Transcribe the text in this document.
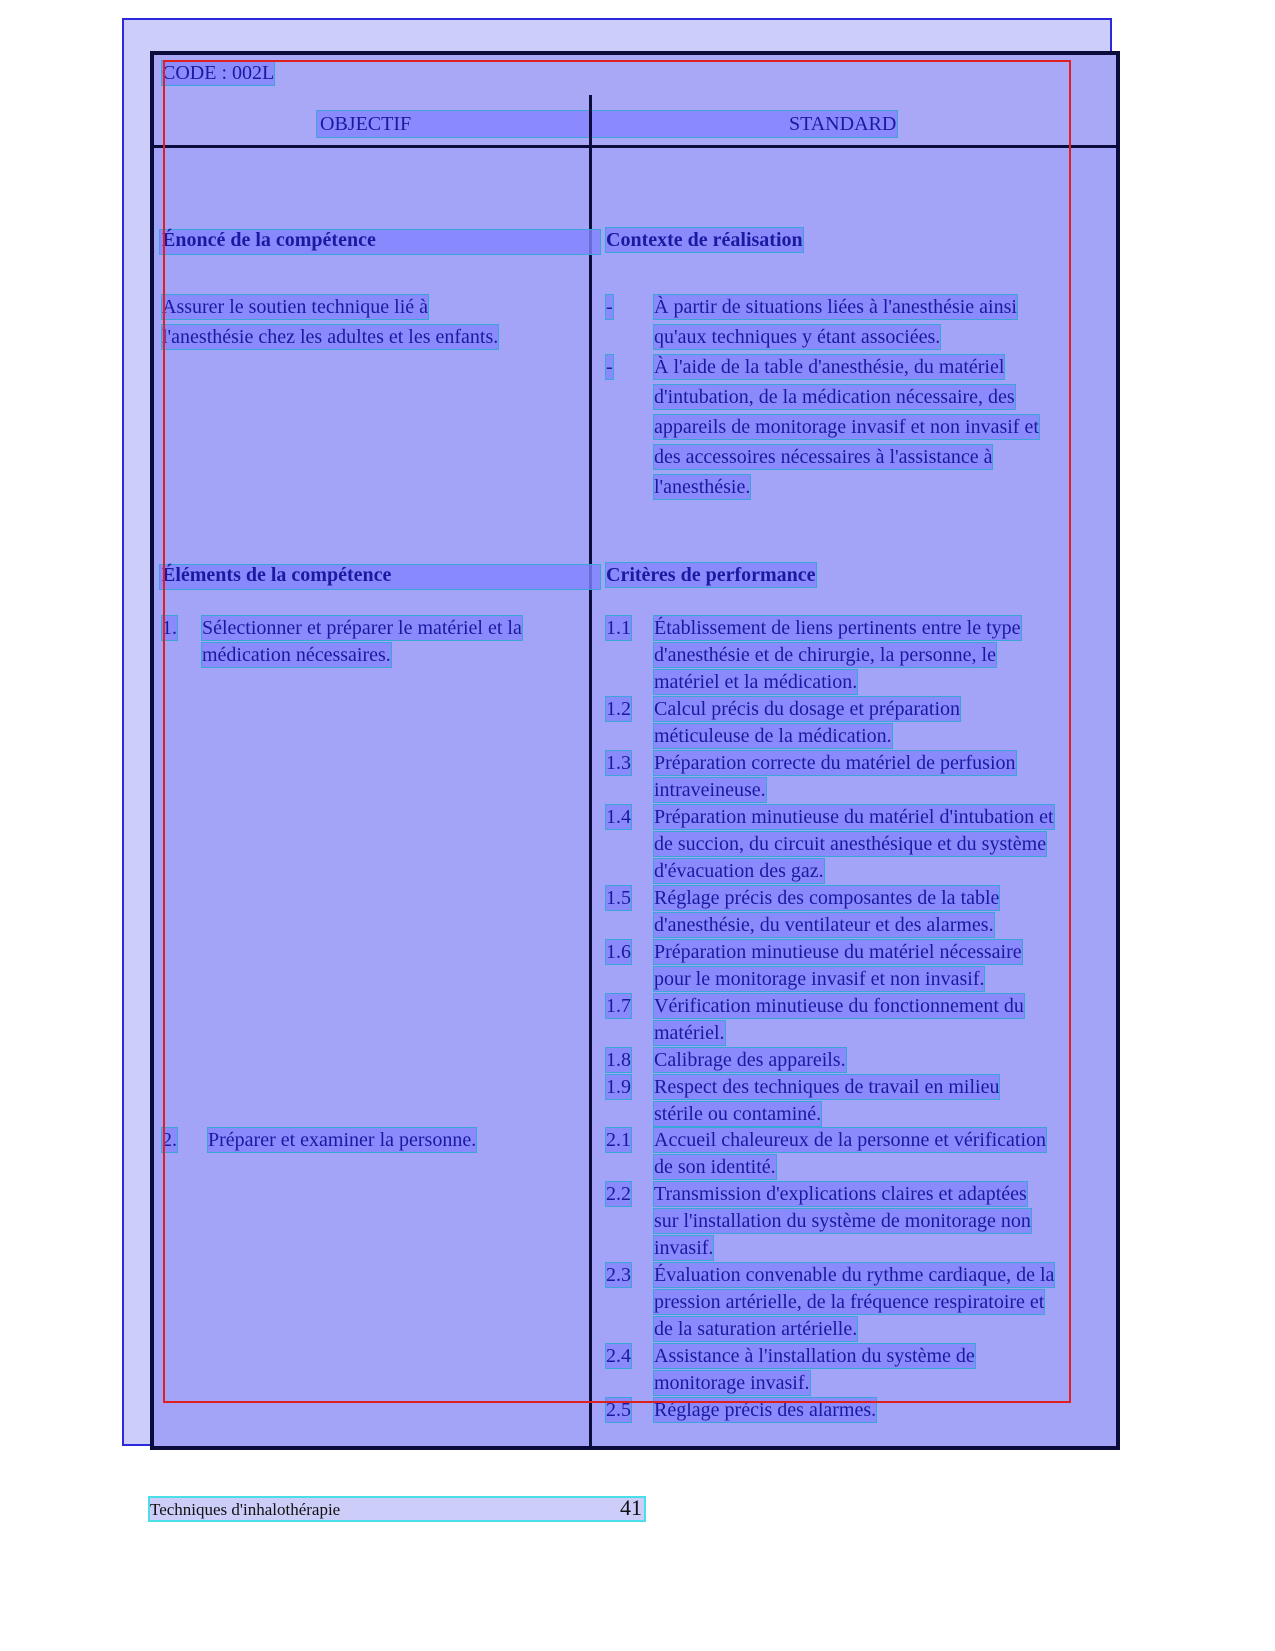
CODE : 002L
OBJECTIF	STANDARD
Énoncé de la compétence
Assurer le soutien technique lié à
l'anesthésie chez les adultes et les enfants.
Éléments de la compétence
1. Sélectionner et préparer le matériel et la
médication nécessaires.
2. Préparer et examiner la personne.
Contexte de réalisation
- À partir de situations liées à l'anesthésie ainsi
qu'aux techniques y étant associées.
- À l'aide de la table d'anesthésie, du matériel
d'intubation, de la médication nécessaire, des
appareils de monitorage invasif et non invasif et
des accessoires nécessaires à l'assistance à
l'anesthésie.
Critères de performance
1.1 Établissement de liens pertinents entre le type
d'anesthésie et de chirurgie, la personne, le
matériel et la médication.
1.2 Calcul précis du dosage et préparation
méticuleuse de la médication.
1.3 Préparation correcte du matériel de perfusion
intraveineuse.
1.4 Préparation minutieuse du matériel d'intubation et
de succion, du circuit anesthésique et du système
d'évacuation des gaz.
1.5 Réglage précis des composantes de la table
d'anesthésie, du ventilateur et des alarmes.
1.6 Préparation minutieuse du matériel nécessaire
pour le monitorage invasif et non invasif.
1.7 Vérification minutieuse du fonctionnement du
matériel.
1.8 Calibrage des appareils.
1.9 Respect des techniques de travail en milieu
stérile ou contaminé.
2.1 Accueil chaleureux de la personne et vérification
de son identité.
2.2 Transmission d'explications claires et adaptées
sur l'installation du système de monitorage non
invasif.
2.3 Évaluation convenable du rythme cardiaque, de la
pression artérielle, de la fréquence respiratoire et
de la saturation artérielle.
2.4 Assistance à l'installation du système de
monitorage invasif.
2.5 Réglage précis des alarmes.
Techniques d'inhalothérapie	41
